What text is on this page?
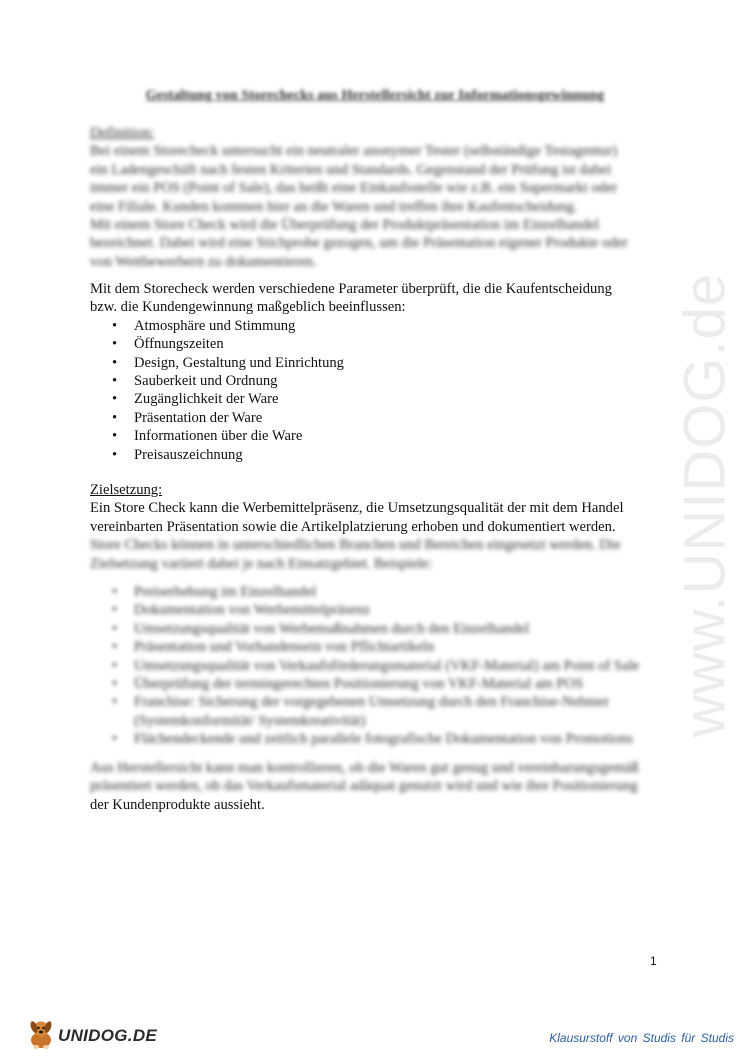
www.UNIDOG.de
Gestaltung von Storechecks aus Herstellersicht zur Informationsgewinnung

Definition:

Bei einem Storecheck untersucht ein neutraler anonymer Tester (selbständige Testagentur)

ein Ladengeschäft nach festen Kriterien und Standards. Gegenstand der Prüfung ist dabei

immer ein POS (Point of Sale), das heißt eine Einkaufsstelle wie z.B. ein Supermarkt oder

eine Filiale. Kunden kommen hier an die Waren und treffen ihre Kaufentscheidung.

Mit einem Store Check wird die Überprüfung der Produktpräsentation im Einzelhandel

bezeichnet. Dabei wird eine Stichprobe gezogen, um die Präsentation eigener Produkte oder

von Wettbewerbern zu dokumentieren.

Mit dem Storecheck werden verschiedene Parameter überprüft, die die Kaufentscheidung

bzw. die Kundengewinnung maßgeblich beeinflussen:

• Atmosphäre und Stimmung
• Öffnungszeiten
• Design, Gestaltung und Einrichtung
• Sauberkeit und Ordnung
• Zugänglichkeit der Ware
• Präsentation der Ware
• Informationen über die Ware
• Preisauszeichnung

Zielsetzung:

Ein Store Check kann die Werbemittelpräsenz, die Umsetzungsqualität der mit dem Handel

vereinbarten Präsentation sowie die Artikelplatzierung erhoben und dokumentiert werden.

Store Checks können in unterschiedlichen Branchen und Bereichen eingesetzt werden. Die

Zielsetzung variiert dabei je nach Einsatzgebiet. Beispiele:

• Preiserhebung im Einzelhandel
• Dokumentation von Werbemittelpräsenz
• Umsetzungsqualität von Werbemaßnahmen durch den Einzelhandel
• Präsentation und Vorhandensein von Pflichtartikeln
• Umsetzungsqualität von Verkaufsförderungsmaterial (VKF-Material) am Point of Sale
• Überprüfung der termingerechten Positionierung von VKF-Material am POS
• Franchise: Sicherung der vorgegebenen Umsetzung durch den Franchise-Nehmer
(Systemkonformität/ Systemkreativität)
• Flächendeckende und zeitlich parallele fotografische Dokumentation von Promotions

Aus Herstellersicht kann man kontrollieren, ob die Waren gut genug und vereinbarungsgemäß

präsentiert werden, ob das Verkaufsmaterial adäquat genutzt wird und wie ihre Positionierung

der Kundenprodukte aussieht.

1
UNIDOG.DE	Klausurstoff von Studis für Studis
